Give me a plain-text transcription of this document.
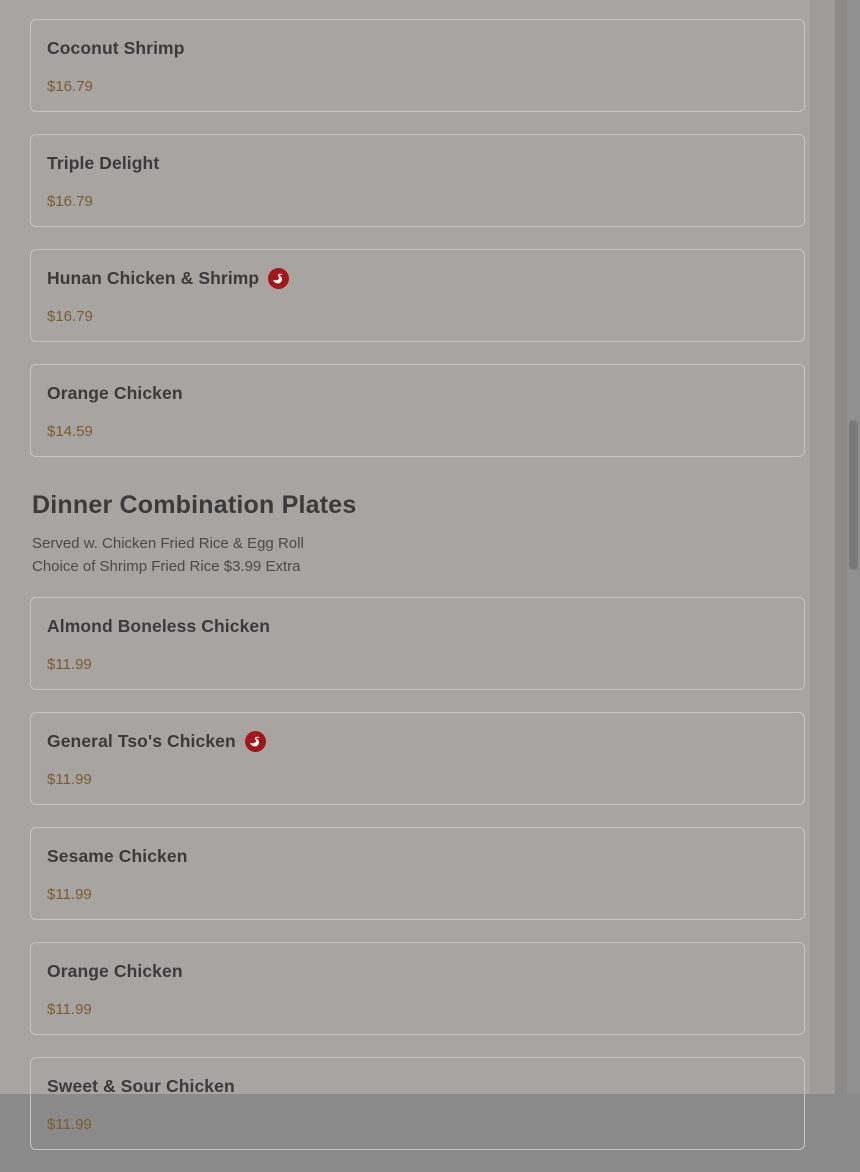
Coconut Shrimp
$16.79
Triple Delight
$16.79
Hunan Chicken & Shrimp
$16.79
Orange Chicken
$14.59
Dinner Combination Plates

Served w. Chicken Fried Rice & Egg Roll

Choice of Shrimp Fried Rice $3.99 Extra

Almond Boneless Chicken
$11.99
General Tso's Chicken
$11.99
Sesame Chicken
$11.99
Orange Chicken
$11.99
Sweet & Sour Chicken
$11.99
